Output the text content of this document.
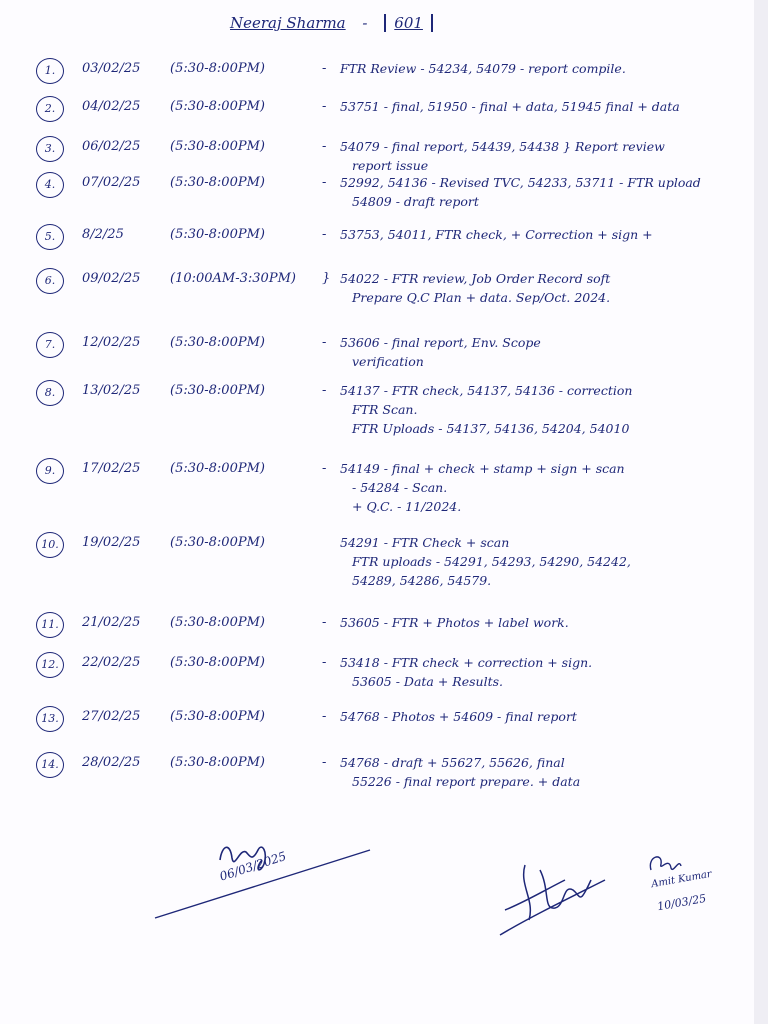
Neeraj Sharma - 601
1.	03/02/25 (5:30-8:00PM)	- FTR Review - 54234, 54079 - report compile.
2.	04/02/25 (5:30-8:00PM)	- 53751 - final, 51950 - final + data, 51945 final + data
3.	06/02/25 (5:30-8:00PM)	- 54079 - final report, 54439, 54438 } Report review
report issue
4.	07/02/25 (5:30-8:00PM)	- 52992, 54136 - Revised TVC, 54233, 53711 - FTR upload
54809 - draft report
5.	8/2/25	(5:30-8:00PM)	- 53753, 54011, FTR check, + Correction + sign +
6.	09/02/25 (10:00AM-3:30PM) } 54022 - FTR review, Job Order Record soft
Prepare Q.C Plan + data. Sep/Oct. 2024.
7.	12/02/25 (5:30-8:00PM)	- 53606 - final report, Env. Scope
verification
8.	13/02/25 (5:30-8:00PM)	- 54137 - FTR check, 54137, 54136 - correction
FTR Scan.
FTR Uploads - 54137, 54136, 54204, 54010
9.	17/02/25 (5:30-8:00PM)	- 54149 - final + check + stamp + sign + scan
- 54284 - Scan.
+ Q.C. - 11/2024.
10.	19/02/25 (5:30-8:00PM)	54291 - FTR Check + scan
FTR uploads - 54291, 54293, 54290, 54242,
54289, 54286, 54579.
11.	21/02/25 (5:30-8:00PM)	- 53605 - FTR + Photos + label work.
12.	22/02/25 (5:30-8:00PM)	- 53418 - FTR check + correction + sign.
53605 - Data + Results.
13.	27/02/25 (5:30-8:00PM)	- 54768 - Photos + 54609 - final report
14.	28/02/25 (5:30-8:00PM)	- 54768 - draft + 55627, 55626, final
55226 - final report prepare. + data
06/03/2025	Amit Kumar
10/03/25
